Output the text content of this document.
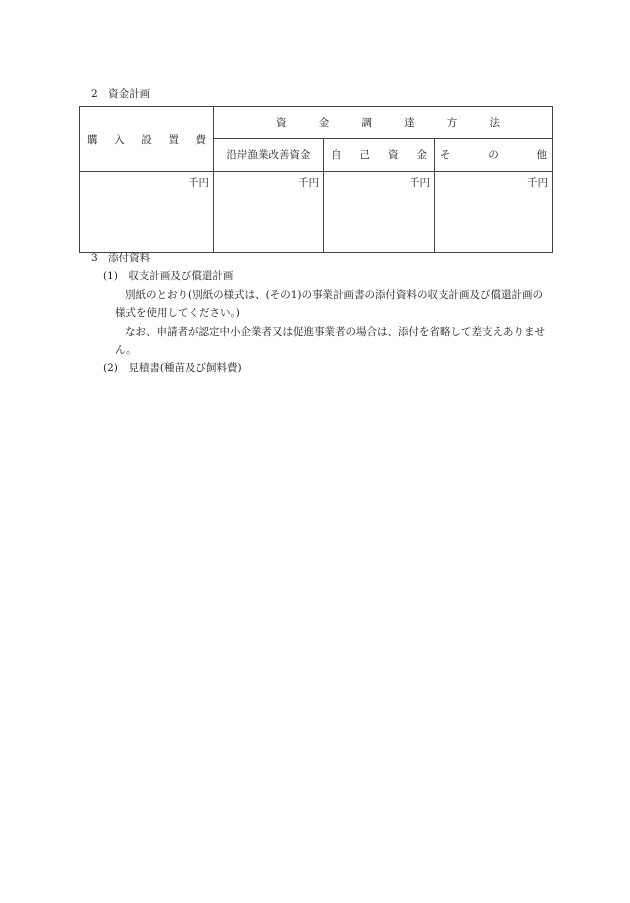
2　資金計画
購入設置費	資金調達方法		
	沿岸漁業改善資金	自己資金	その他
千円	千円	千円	千円
3　添付資料
(1)　収支計画及び償還計画
別紙のとおり(別紙の様式は、(その1)の事業計画書の添付資料の収支計画及び償還計画の様式を使用してください。)
なお、申請者が認定中小企業者又は促進事業者の場合は、添付を省略して差支えありません。
(2)　見積書(種苗及び飼料費)
